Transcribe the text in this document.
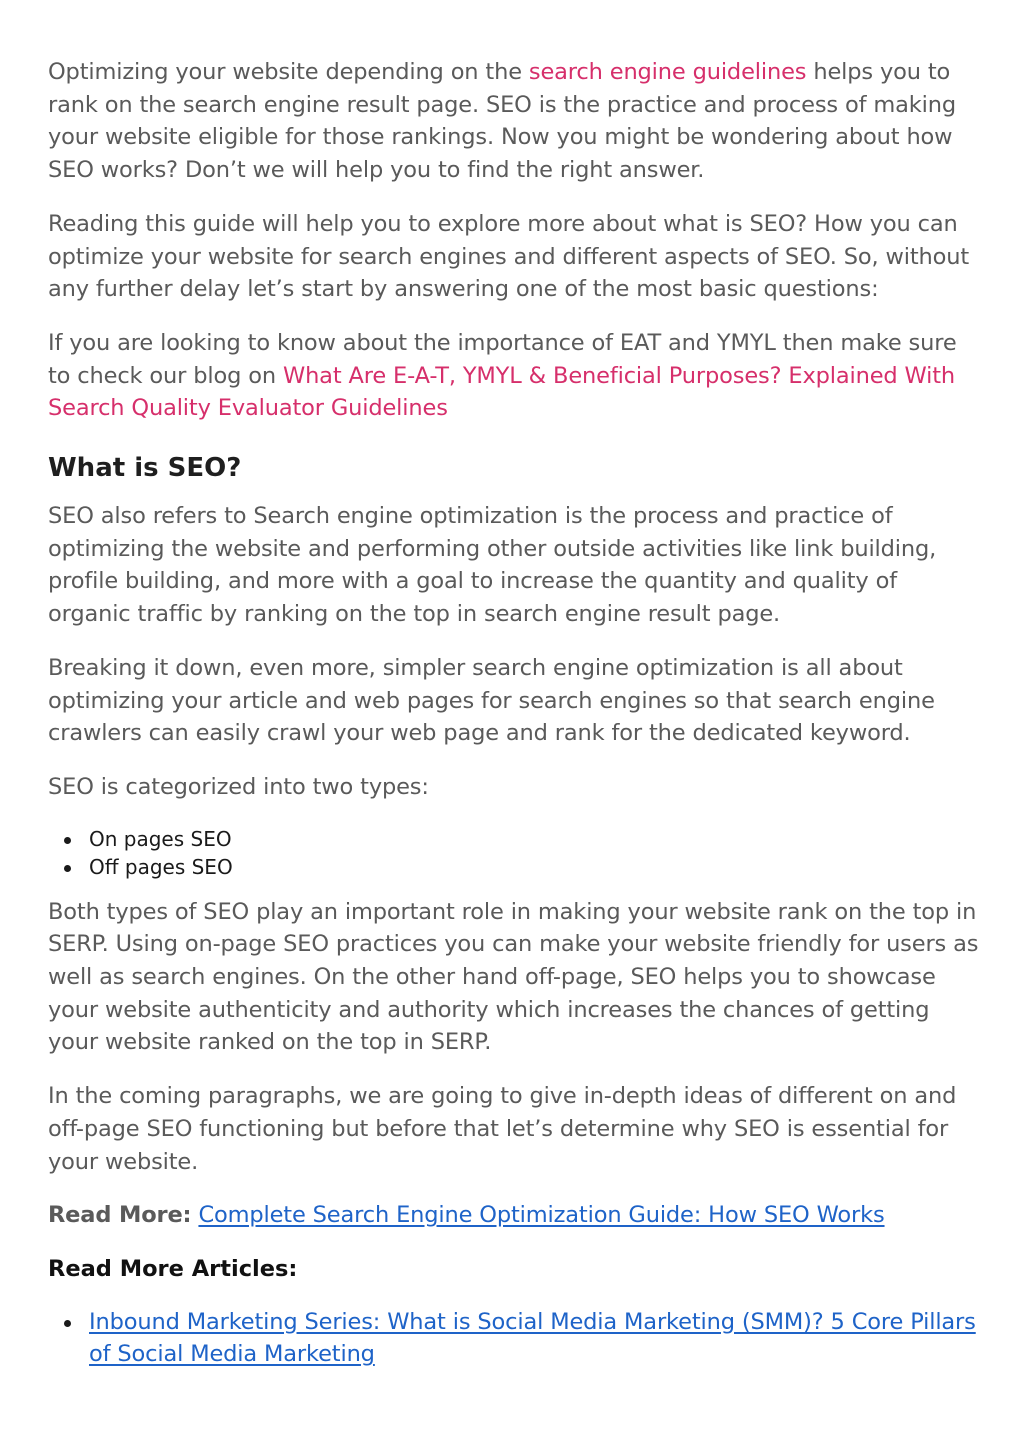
Optimizing your website depending on the search engine guidelines helps you to rank on the search engine result page. SEO is the practice and process of making your website eligible for those rankings. Now you might be wondering about how SEO works? Don’t we will help you to find the right answer.

Reading this guide will help you to explore more about what is SEO? How you can optimize your website for search engines and different aspects of SEO. So, without any further delay let’s start by answering one of the most basic questions:

If you are looking to know about the importance of EAT and YMYL then make sure to check our blog on What Are E-A-T, YMYL & Beneficial Purposes? Explained With Search Quality Evaluator Guidelines

What is SEO?

SEO also refers to Search engine optimization is the process and practice of optimizing the website and performing other outside activities like link building, profile building, and more with a goal to increase the quantity and quality of organic traffic by ranking on the top in search engine result page.

Breaking it down, even more, simpler search engine optimization is all about optimizing your article and web pages for search engines so that search engine crawlers can easily crawl your web page and rank for the dedicated keyword.

SEO is categorized into two types:

On pages SEO
Off pages SEO

Both types of SEO play an important role in making your website rank on the top in SERP. Using on-page SEO practices you can make your website friendly for users as well as search engines. On the other hand off-page, SEO helps you to showcase your website authenticity and authority which increases the chances of getting your website ranked on the top in SERP.

In the coming paragraphs, we are going to give in-depth ideas of different on and off-page SEO functioning but before that let’s determine why SEO is essential for your website.

Read More: Complete Search Engine Optimization Guide: How SEO Works

Read More Articles:

Inbound Marketing Series: What is Social Media Marketing (SMM)? 5 Core Pillars of Social Media Marketing
